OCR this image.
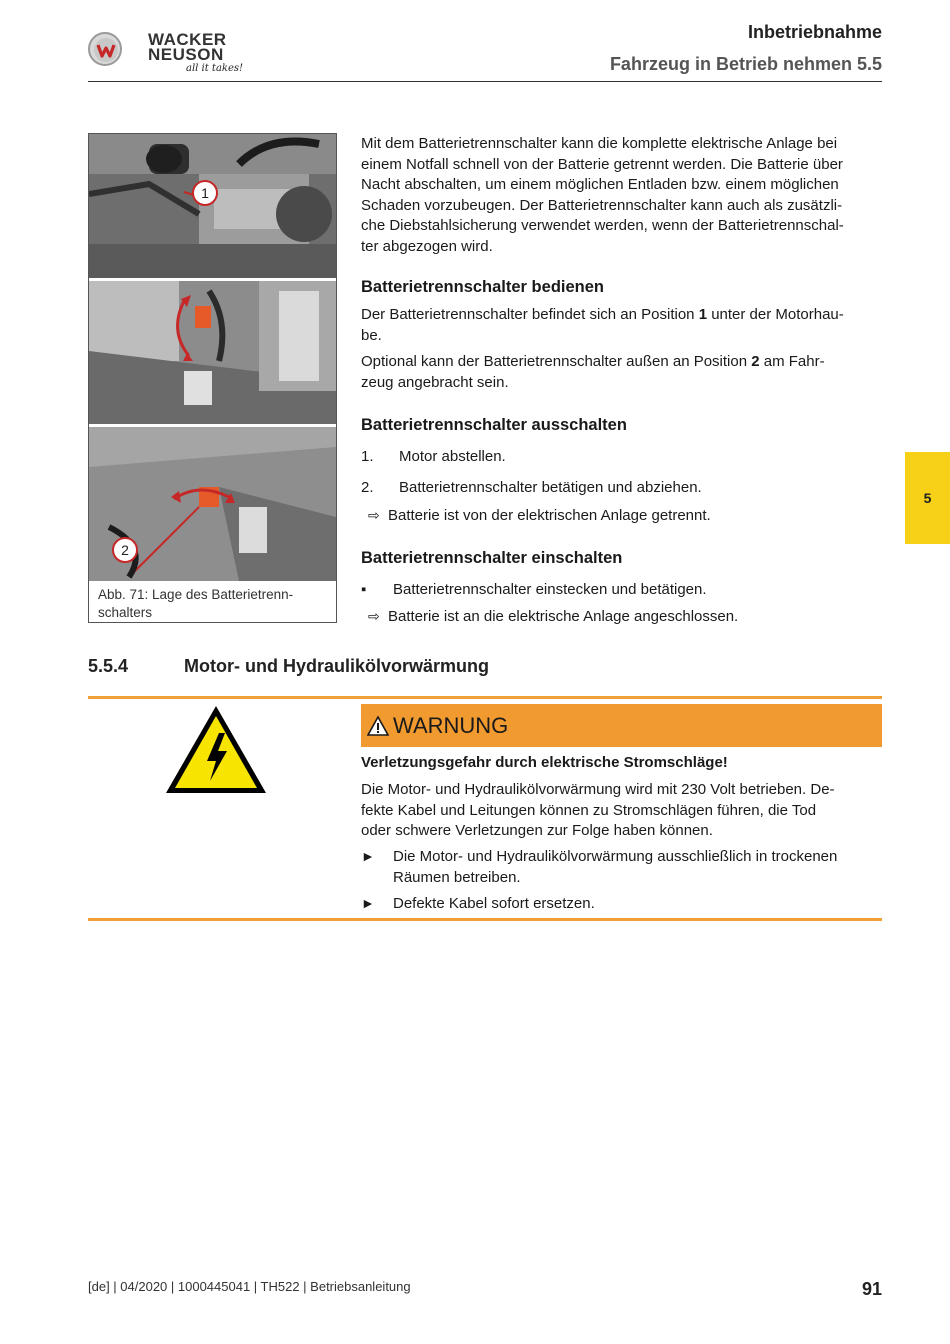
WACKER
NEUSON
all it takes!
Inbetriebnahme
Fahrzeug in Betrieb nehmen 5.5
5
1
2
Abb. 71: Lage des Batterietrenn-
schalters
Mit dem Batterietrennschalter kann die komplette elektrische Anlage bei
einem Notfall schnell von der Batterie getrennt werden. Die Batterie über
Nacht abschalten, um einem möglichen Entladen bzw. einem möglichen
Schaden vorzubeugen. Der Batterietrennschalter kann auch als zusätzli-
che Diebstahlsicherung verwendet werden, wenn der Batterietrennschal-
ter abgezogen wird.
Batterietrennschalter bedienen
Der Batterietrennschalter befindet sich an Position 1 unter der Motorhau-
be.
Optional kann der Batterietrennschalter außen an Position 2 am Fahr-
zeug angebracht sein.
Batterietrennschalter ausschalten
1. Motor abstellen.
2. Batterietrennschalter betätigen und abziehen.
⇨ Batterie ist von der elektrischen Anlage getrennt.
Batterietrennschalter einschalten
▪ Batterietrennschalter einstecken und betätigen.
⇨ Batterie ist an die elektrische Anlage angeschlossen.
5.5.4	Motor- und Hydraulikölvorwärmung
WARNUNG
Verletzungsgefahr durch elektrische Stromschläge!
Die Motor- und Hydraulikölvorwärmung wird mit 230 Volt betrieben. De-
fekte Kabel und Leitungen können zu Stromschlägen führen, die Tod
oder schwere Verletzungen zur Folge haben können.
► Die Motor- und Hydraulikölvorwärmung ausschließlich in trockenen
Räumen betreiben.
► Defekte Kabel sofort ersetzen.
[de] | 04/2020 | 1000445041 | TH522 | Betriebsanleitung	91
